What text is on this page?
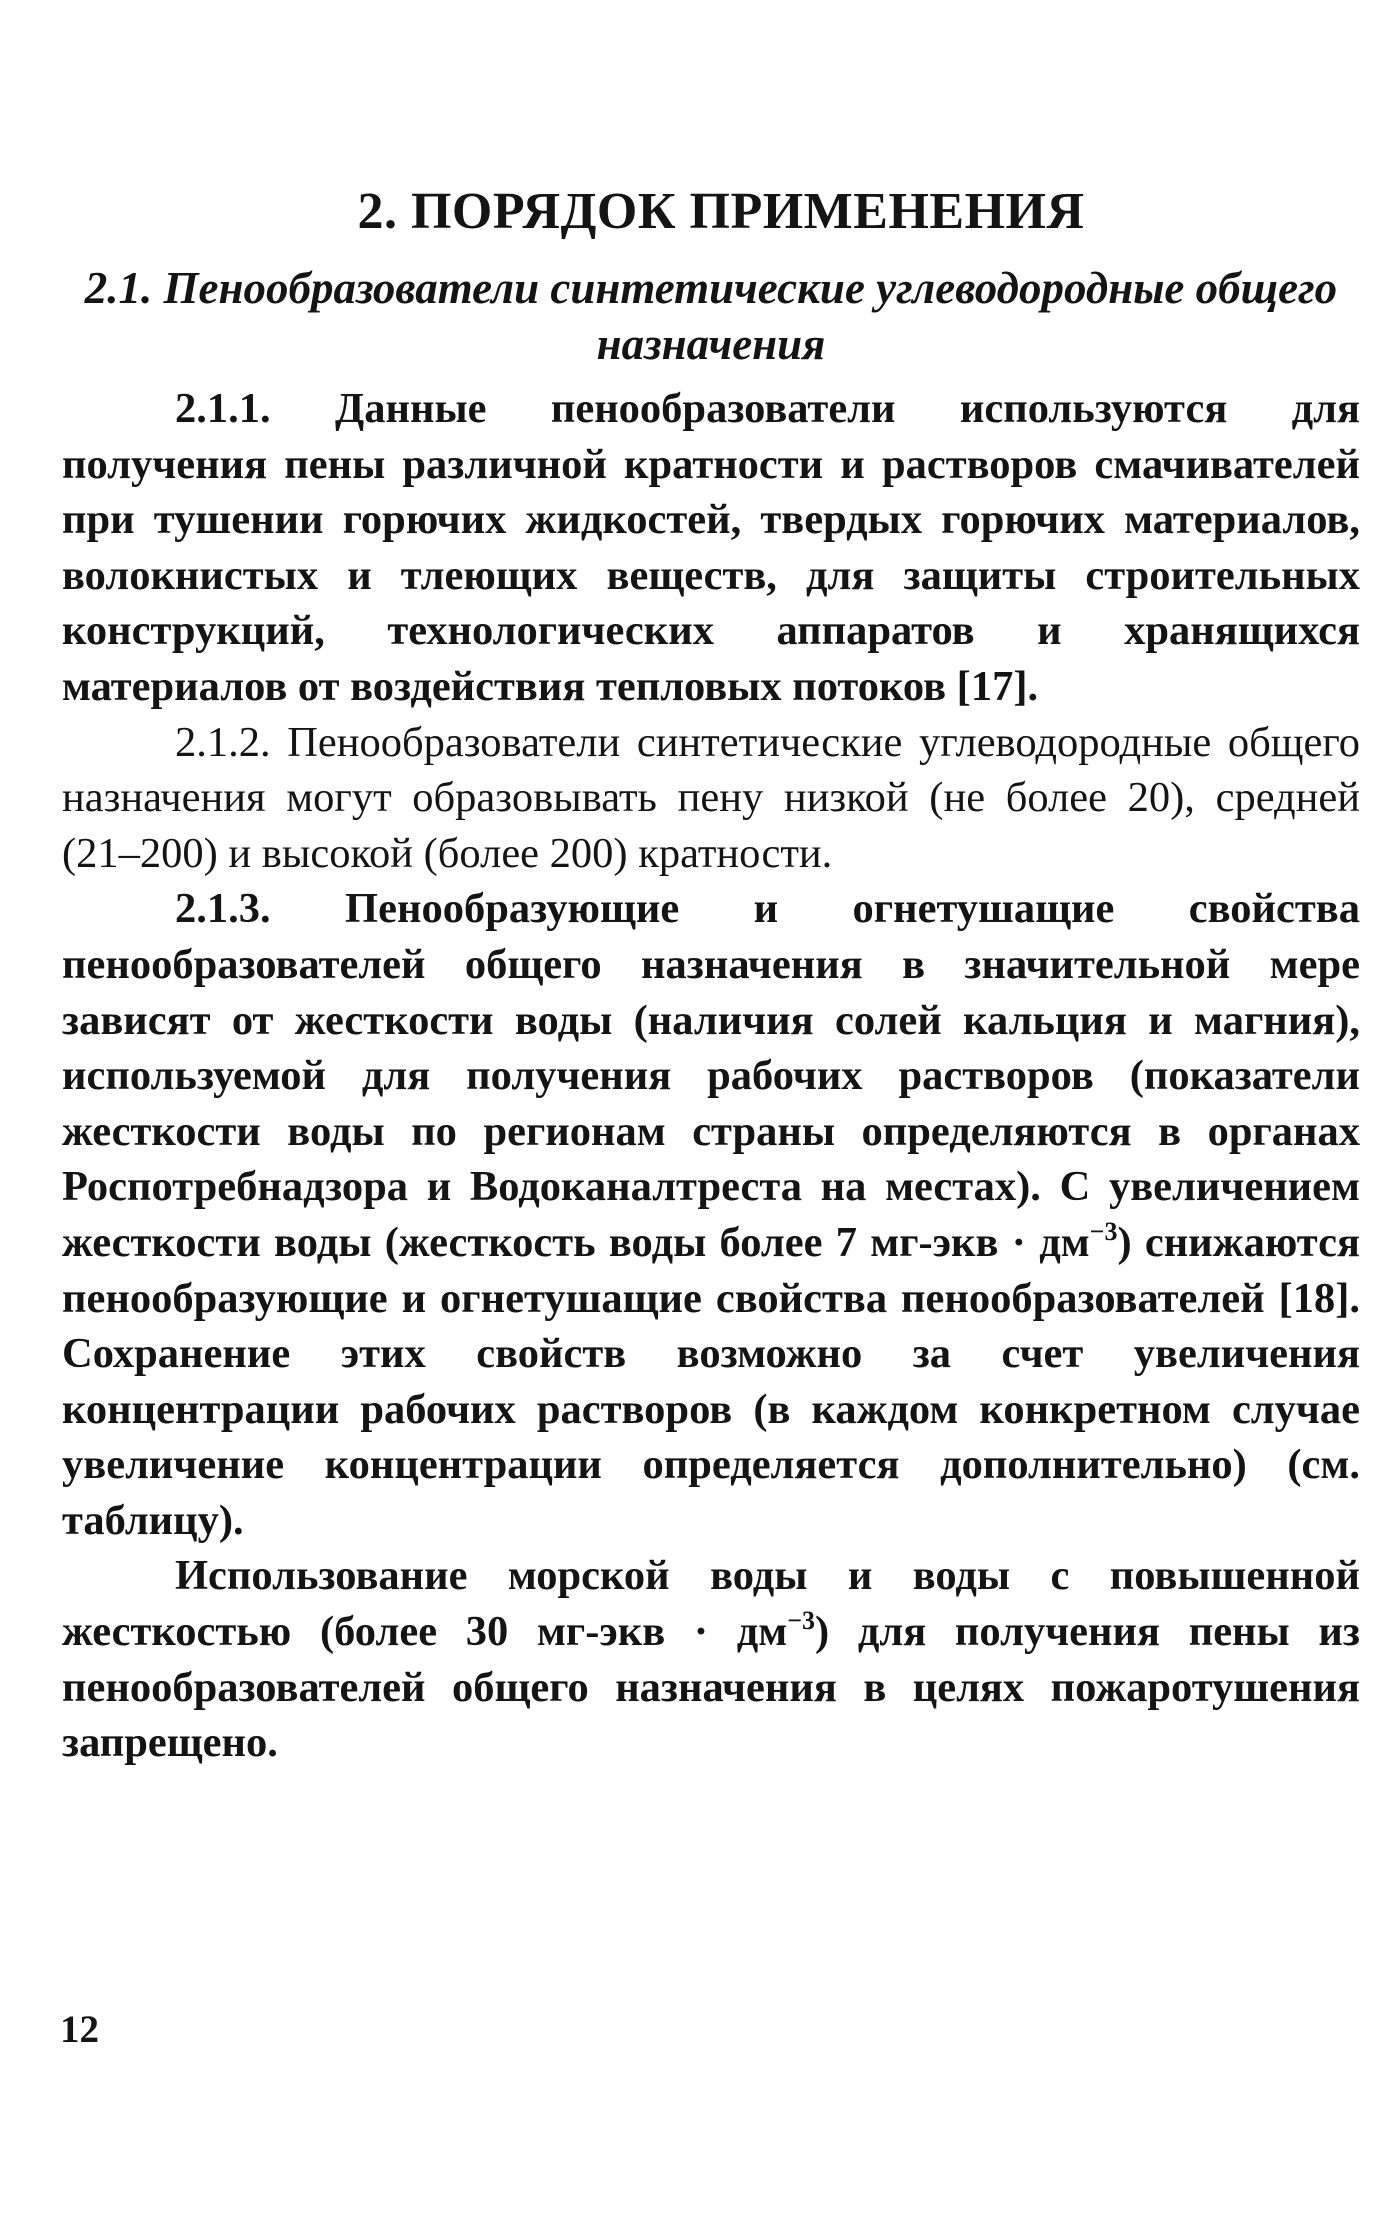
2. ПОРЯДОК ПРИМЕНЕНИЯ
2.1. Пенообразователи синтетические углеводородные общего назначения

2.1.1. Данные пенообразователи используются для получения пены различной кратности и растворов смачивателей при тушении горючих жидкостей, твердых горючих материалов, волокнистых и тлеющих веществ, для защиты строительных конструкций, технологических аппаратов и хранящихся материалов от воздействия тепловых потоков [17].

2.1.2. Пенообразователи синтетические углеводородные общего назначения могут образовывать пену низкой (не более 20), средней (21–200) и высокой (более 200) кратности.

2.1.3. Пенообразующие и огнетушащие свойства пенообразователей общего назначения в значительной мере зависят от жесткости воды (наличия солей кальция и магния), используемой для получения рабочих растворов (показатели жесткости воды по регионам страны определяются в органах Роспотребнадзора и Водоканалтреста на местах). С увеличением жесткости воды (жесткость воды более 7 $мг-экв \cdot дм^{-3}$) снижаются пенообразующие и огнетушащие свойства пенообразователей [18]. Сохранение этих свойств возможно за счет увеличения концентрации рабочих растворов (в каждом конкретном случае увеличение концентрации определяется дополнительно) (см. таблицу).

Использование морской воды и воды с повышенной жесткостью (более 30 $мг-экв \cdot дм^{-3}$) для получения пены из пенообразователей общего назначения в целях пожаротушения запрещено.

12
